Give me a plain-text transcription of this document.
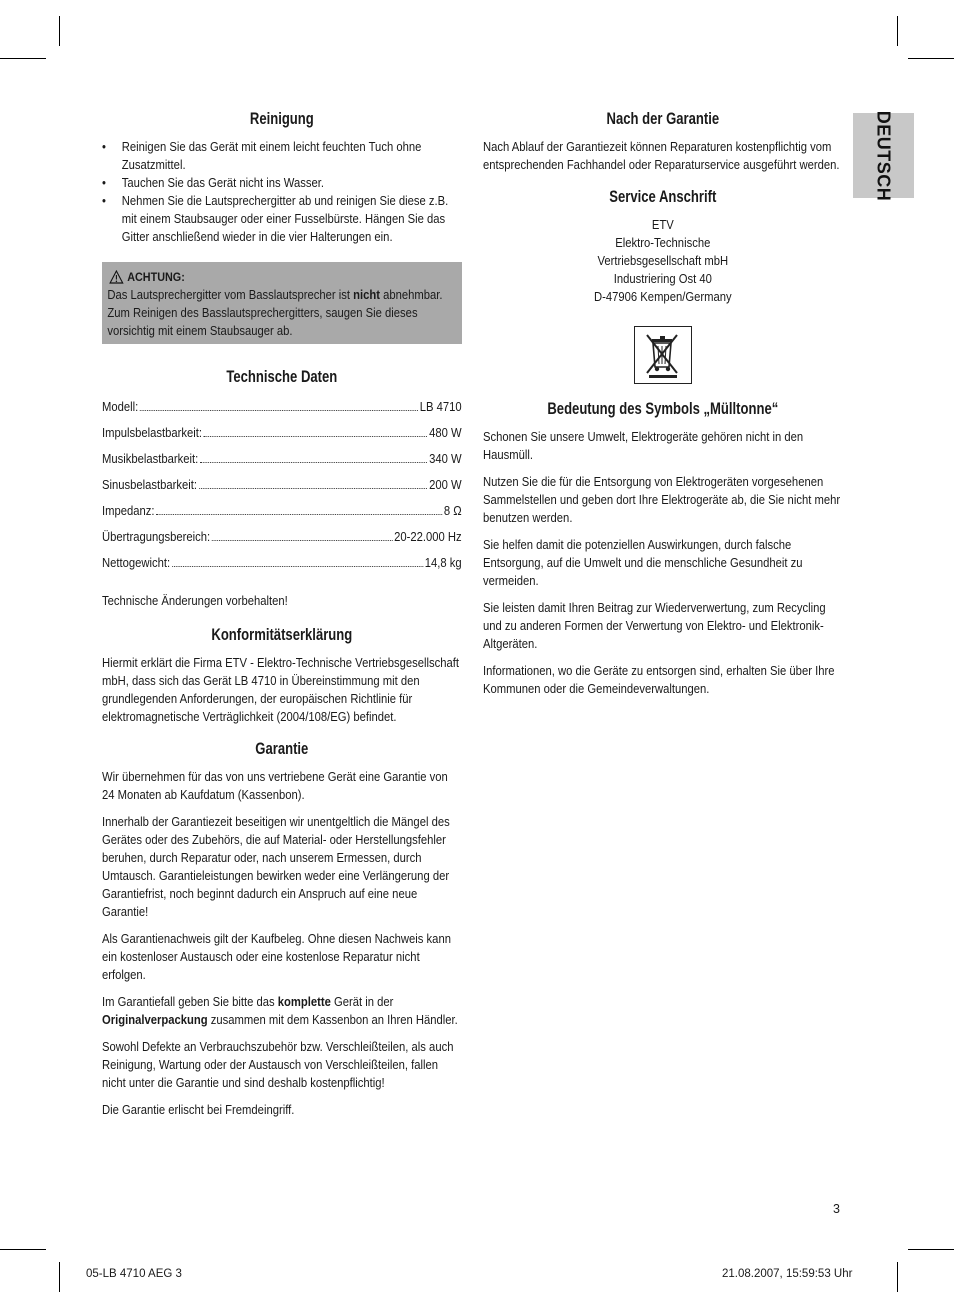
DEUTSCH
Reinigung
• Reinigen Sie das Gerät mit einem leicht feuchten Tuch ohne Zusatzmittel.
• Tauchen Sie das Gerät nicht ins Wasser.
• Nehmen Sie die Lautsprechergitter ab und reinigen Sie diese z.B. mit einem Staubsauger oder einer Fusselbürste. Hängen Sie das Gitter anschließend wieder in die vier Halterungen ein.
ACHTUNG:
Das Lautsprechergitter vom Basslautsprecher ist nicht abnehmbar. Zum Reinigen des Basslautsprechergitters, saugen Sie dieses vorsichtig mit einem Staubsauger ab.
Technische Daten
Modell:	LB 4710
Impulsbelastbarkeit:	480 W
Musikbelastbarkeit:	340 W
Sinusbelastbarkeit:	200 W
Impedanz:	8 Ω
Übertragungsbereich:	20-22.000 Hz
Nettogewicht:	14,8 kg

Technische Änderungen vorbehalten!

Konformitätserklärung

Hiermit erklärt die Firma ETV - Elektro-Technische Vertriebsgesellschaft mbH, dass sich das Gerät LB 4710 in Übereinstimmung mit den grundlegenden Anforderungen, der europäischen Richtlinie für elektromagnetische Verträglichkeit (2004/108/EG) befindet.

Garantie

Wir übernehmen für das von uns vertriebene Gerät eine Garantie von 24 Monaten ab Kaufdatum (Kassenbon).

Innerhalb der Garantiezeit beseitigen wir unentgeltlich die Mängel des Gerätes oder des Zubehörs, die auf Material- oder Herstellungsfehler beruhen, durch Reparatur oder, nach unserem Ermessen, durch Umtausch. Garantieleistungen bewirken weder eine Verlängerung der Garantiefrist, noch beginnt dadurch ein Anspruch auf eine neue Garantie!

Als Garantienachweis gilt der Kaufbeleg. Ohne diesen Nachweis kann ein kostenloser Austausch oder eine kostenlose Reparatur nicht erfolgen.

Im Garantiefall geben Sie bitte das komplette Gerät in der Originalverpackung zusammen mit dem Kassenbon an Ihren Händler.

Sowohl Defekte an Verbrauchszubehör bzw. Verschleißteilen, als auch Reinigung, Wartung oder der Austausch von Verschleißteilen, fallen nicht unter die Garantie und sind deshalb kostenpflichtig!

Die Garantie erlischt bei Fremdeingriff.

Nach der Garantie

Nach Ablauf der Garantiezeit können Reparaturen kostenpflichtig vom entsprechenden Fachhandel oder Reparaturservice ausgeführt werden.

Service Anschrift
ETV
Elektro-Technische
Vertriebsgesellschaft mbH
Industriering Ost 40
D-47906 Kempen/Germany
Bedeutung des Symbols „Mülltonne“

Schonen Sie unsere Umwelt, Elektrogeräte gehören nicht in den Hausmüll.

Nutzen Sie die für die Entsorgung von Elektrogeräten vorgesehenen Sammelstellen und geben dort Ihre Elektrogeräte ab, die Sie nicht mehr benutzen werden.

Sie helfen damit die potenziellen Auswirkungen, durch falsche Entsorgung, auf die Umwelt und die menschliche Gesundheit zu vermeiden.

Sie leisten damit Ihren Beitrag zur Wiederverwertung, zum Recycling und zu anderen Formen der Verwertung von Elektro- und Elektronik-Altgeräten.

Informationen, wo die Geräte zu entsorgen sind, erhalten Sie über Ihre Kommunen oder die Gemeindeverwaltungen.

3
05-LB 4710 AEG 3	21.08.2007, 15:59:53 Uhr
